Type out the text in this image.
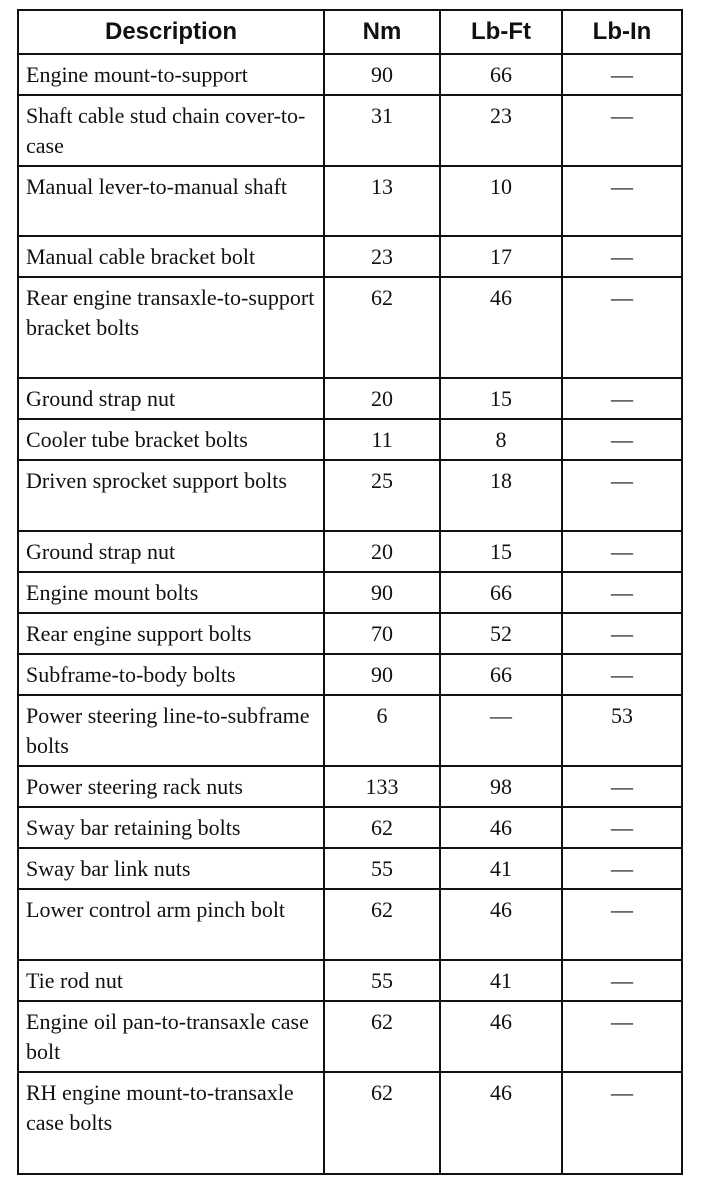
Description	Nm	Lb-Ft	Lb-In
Engine mount-to-support	90	66	—
Shaft cable stud chain cover-to-case	31	23	—
Manual lever-to-manual shaft	13	10	—
Manual cable bracket bolt	23	17	—
Rear engine transaxle-to-support bracket bolts	62	46	—
Ground strap nut	20	15	—
Cooler tube bracket bolts	11	8	—
Driven sprocket support bolts	25	18	—
Ground strap nut	20	15	—
Engine mount bolts	90	66	—
Rear engine support bolts	70	52	—
Subframe-to-body bolts	90	66	—
Power steering line-to-subframe bolts	6	—	53
Power steering rack nuts	133	98	—
Sway bar retaining bolts	62	46	—
Sway bar link nuts	55	41	—
Lower control arm pinch bolt	62	46	—
Tie rod nut	55	41	—
Engine oil pan-to-transaxle case bolt	62	46	—
RH engine mount-to-transaxle case bolts	62	46	—
